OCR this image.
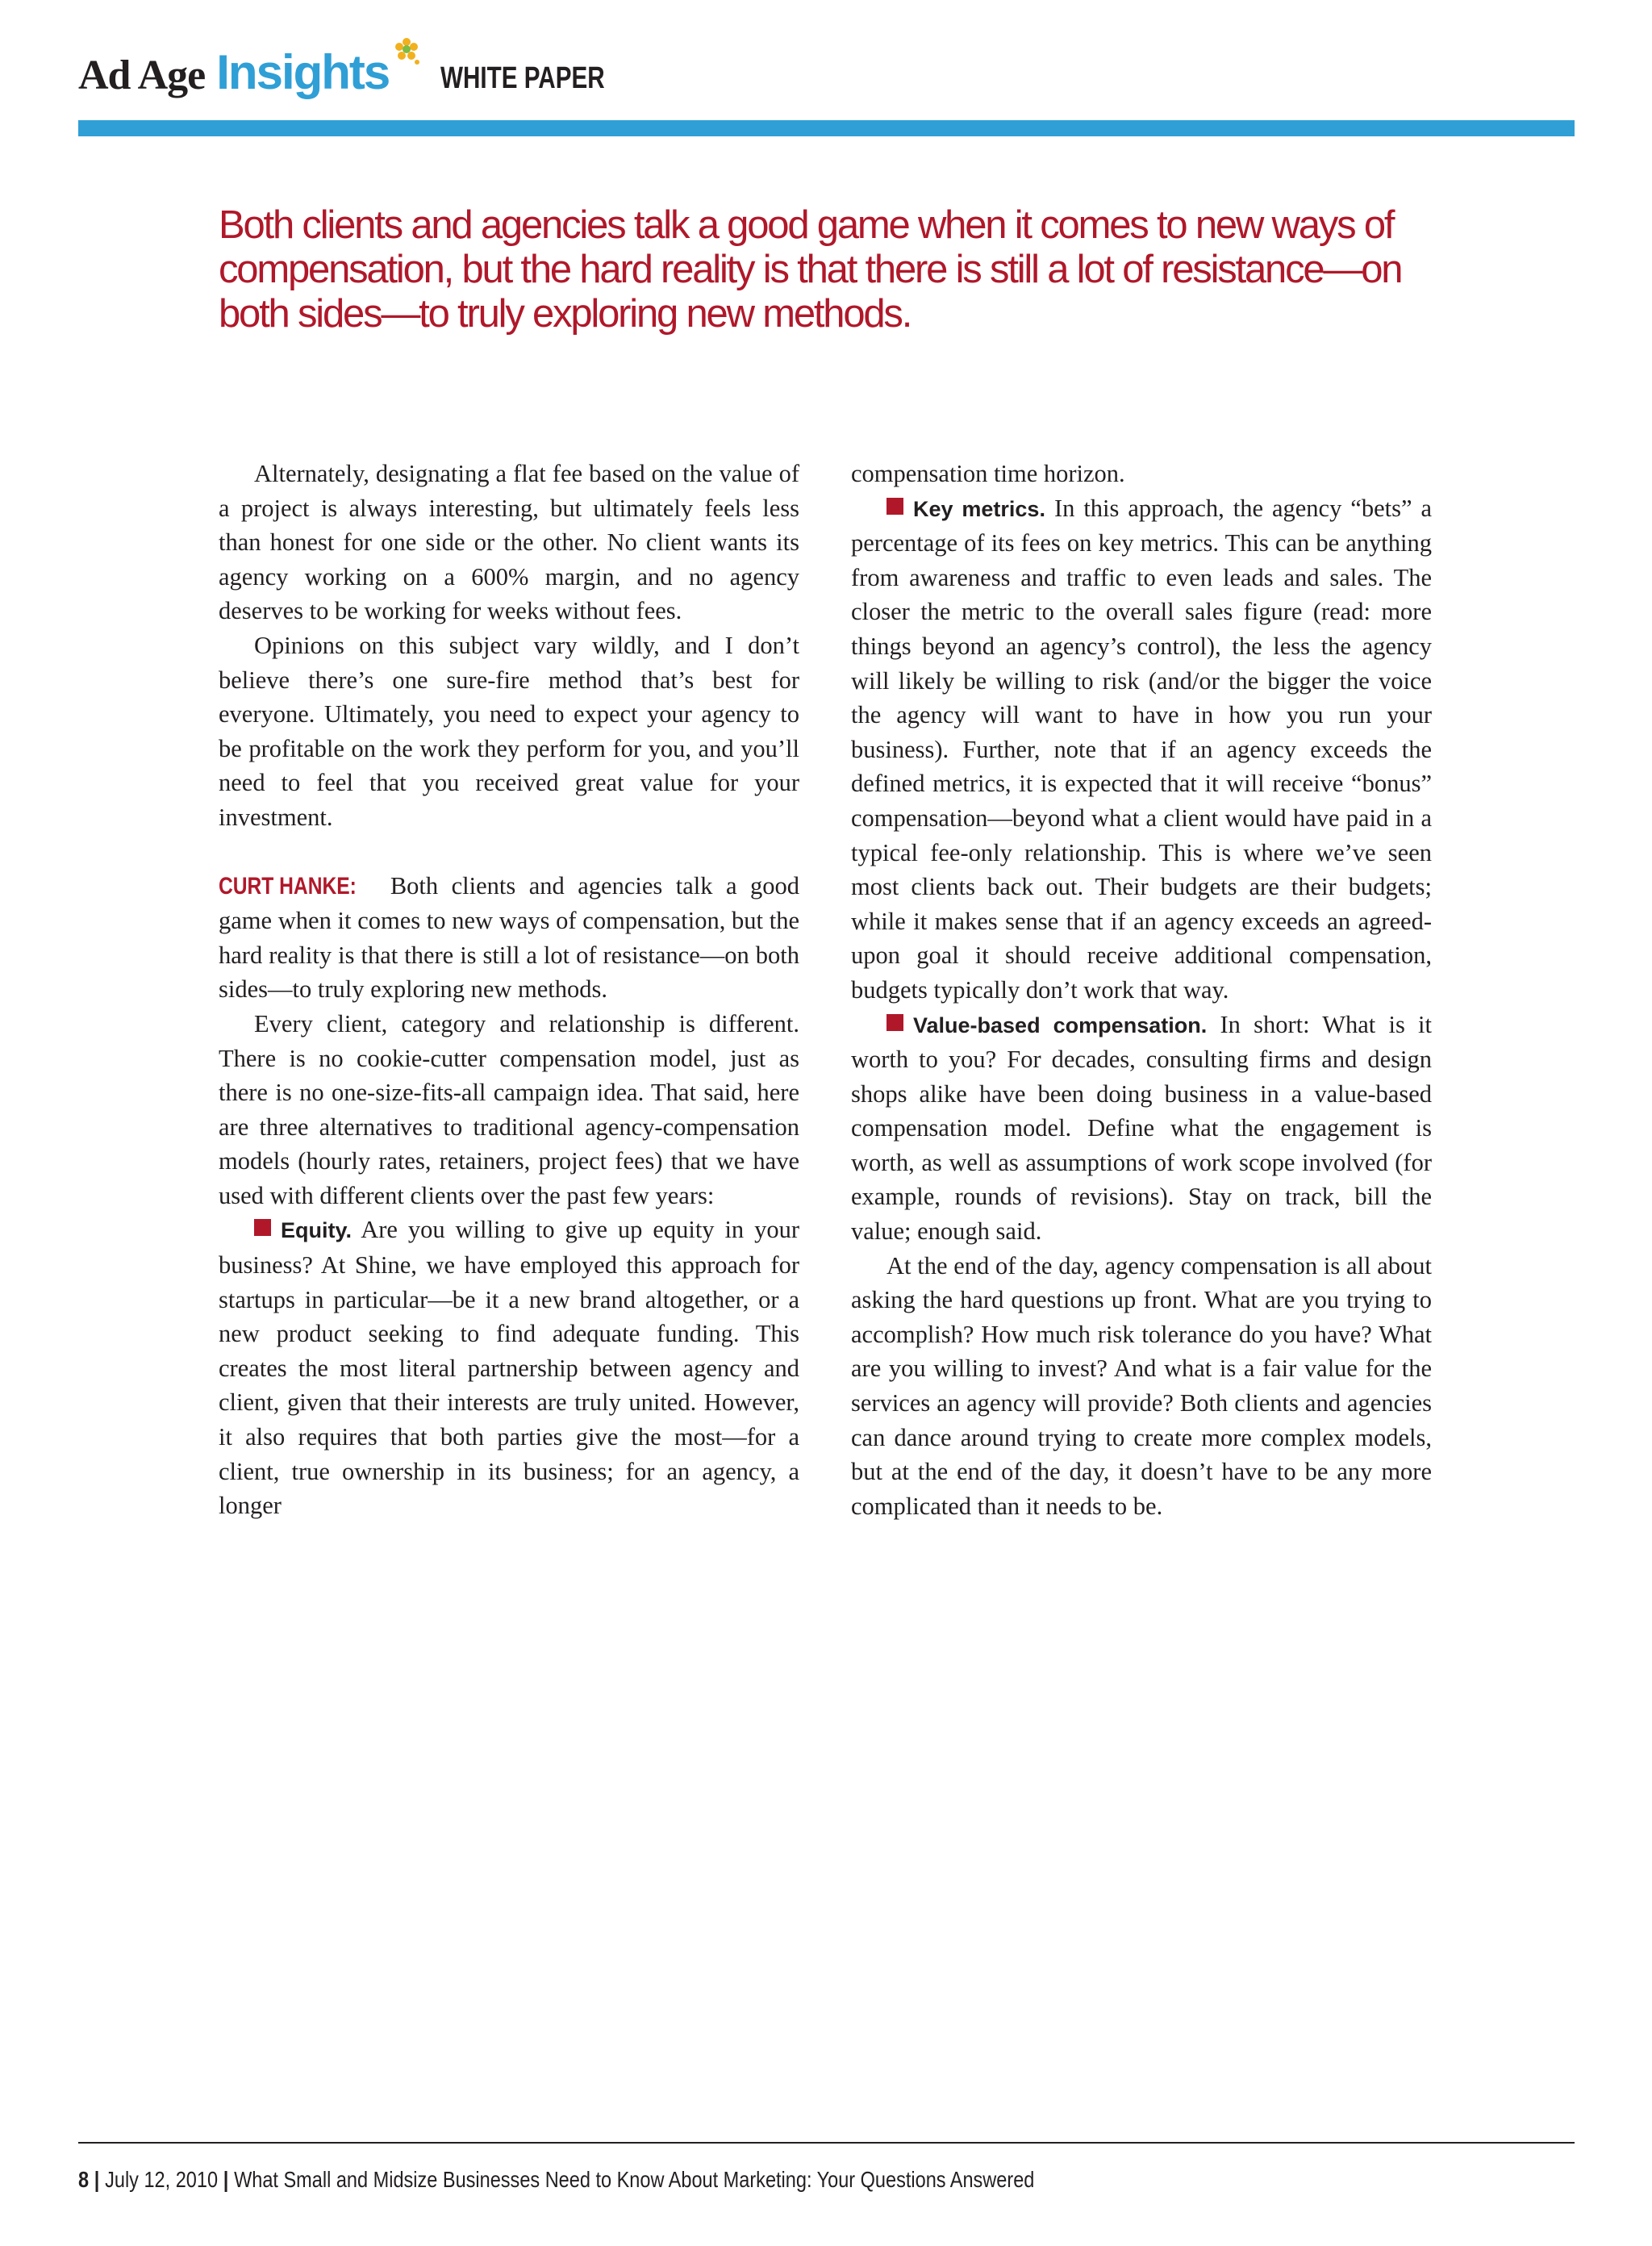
Ad Age Insights WHITE PAPER
Both clients and agencies talk a good game when it comes to new ways of compensation, but the hard reality is that there is still a lot of resistance—on both sides—to truly exploring new methods.

Alternately, designating a flat fee based on the value of a project is always interesting, but ultimately feels less than honest for one side or the other. No client wants its agency working on a 600% margin, and no agency deserves to be working for weeks without fees.

Opinions on this subject vary wildly, and I don’t believe there’s one sure-fire method that’s best for everyone. Ultimately, you need to expect your agency to be profitable on the work they perform for you, and you’ll need to feel that you received great value for your investment.

CURT HANKE: Both clients and agencies talk a good game when it comes to new ways of compensation, but the hard reality is that there is still a lot of resistance—on both sides—to truly exploring new methods.

Every client, category and relationship is different. There is no cookie-cutter compensation model, just as there is no one-size-fits-all campaign idea. That said, here are three alternatives to traditional agency-compensation models (hourly rates, retainers, project fees) that we have used with different clients over the past few years:

Equity. Are you willing to give up equity in your business? At Shine, we have employed this approach for startups in particular—be it a new brand altogether, or a new product seeking to find adequate funding. This creates the most literal partnership between agency and client, given that their interests are truly united. However, it also requires that both parties give the most—for a client, true ownership in its business; for an agency, a longer

compensation time horizon.

Key metrics. In this approach, the agency “bets” a percentage of its fees on key metrics. This can be anything from awareness and traffic to even leads and sales. The closer the metric to the overall sales figure (read: more things beyond an agency’s control), the less the agency will likely be willing to risk (and/or the bigger the voice the agency will want to have in how you run your business). Further, note that if an agency exceeds the defined metrics, it is expected that it will receive “bonus” compensation—beyond what a client would have paid in a typical fee-only relationship. This is where we’ve seen most clients back out. Their budgets are their budgets; while it makes sense that if an agency exceeds an agreed-upon goal it should receive additional compensation, budgets typically don’t work that way.

Value-based compensation. In short: What is it worth to you? For decades, consulting firms and design shops alike have been doing business in a value-based compensation model. Define what the engagement is worth, as well as assumptions of work scope involved (for example, rounds of revisions). Stay on track, bill the value; enough said.

At the end of the day, agency compensation is all about asking the hard questions up front. What are you trying to accomplish? How much risk tolerance do you have? What are you willing to invest? And what is a fair value for the services an agency will provide? Both clients and agencies can dance around trying to create more complex models, but at the end of the day, it doesn’t have to be any more complicated than it needs to be.

8 | July 12, 2010 | What Small and Midsize Businesses Need to Know About Marketing: Your Questions Answered
